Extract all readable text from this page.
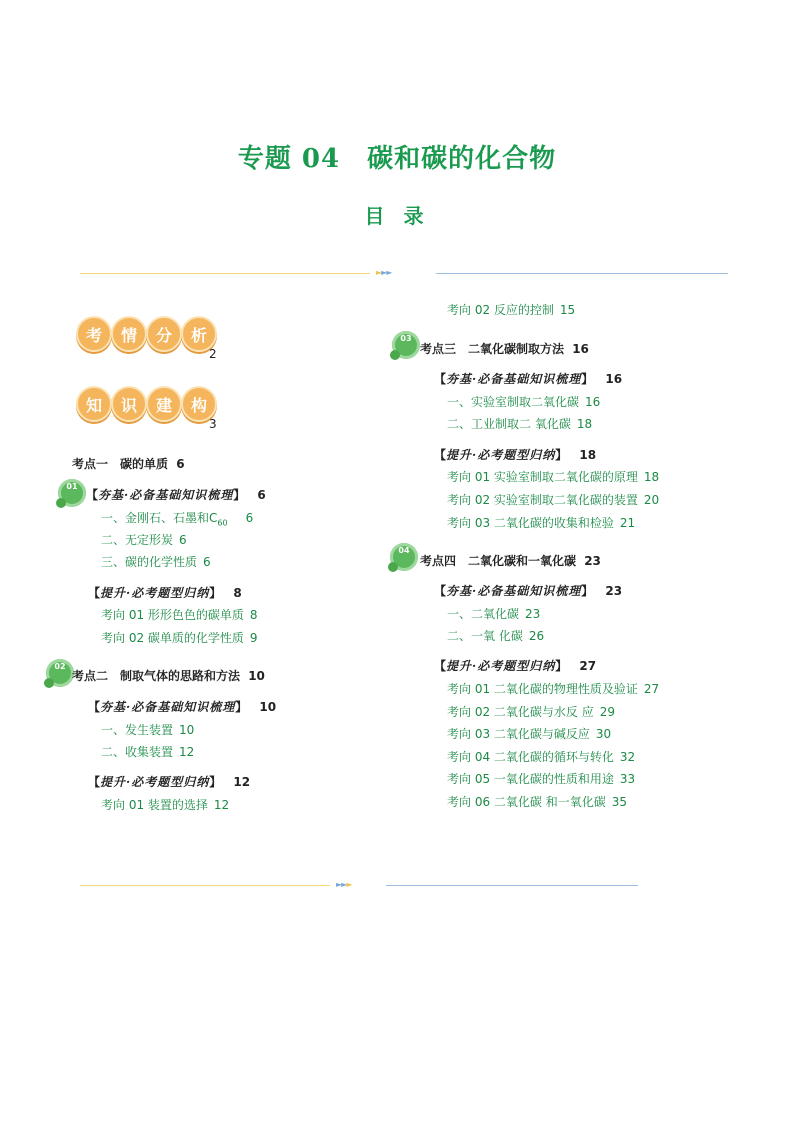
专题 04　碳和碳的化合物
目 录
►►►
考	情	分	析
2
知	识	建	构
3
考点一　碳的单质 6
01
【夯基·必备基础知识梳理】 6
一、金刚石、石墨和$C_{60}$ 6
二、无定形炭 6
三、碳的化学性质 6
【提升·必考题型归纳】 8
考向 01 形形色色的碳单质 8
考向 02 碳单质的化学性质 9
02
考点二　制取气体的思路和方法 10
【夯基·必备基础知识梳理】 10
一、发生装置 10
二、收集装置 12
【提升·必考题型归纳】 12
考向 01 装置的选择 12
考向 02 反应的控制 15
03
考点三　二氧化碳制取方法 16
【夯基·必备基础知识梳理】 16
一、实验室制取二氧化碳 16
二、工业制取二 氧化碳 18
【提升·必考题型归纳】 18
考向 01 实验室制取二氧化碳的原理 18
考向 02 实验室制取二氧化碳的装置 20
考向 03 二氧化碳的收集和检验 21
04
考点四　二氧化碳和一氧化碳 23
【夯基·必备基础知识梳理】 23
一、二氧化碳 23
二、一氧 化碳 26
【提升·必考题型归纳】 27
考向 01 二氧化碳的物理性质及验证 27
考向 02 二氧化碳与水反 应 29
考向 03 二氧化碳与碱反应 30
考向 04 二氧化碳的循环与转化 32
考向 05 一氧化碳的性质和用途 33
考向 06 二氧化碳 和一氧化碳 35
►►►
